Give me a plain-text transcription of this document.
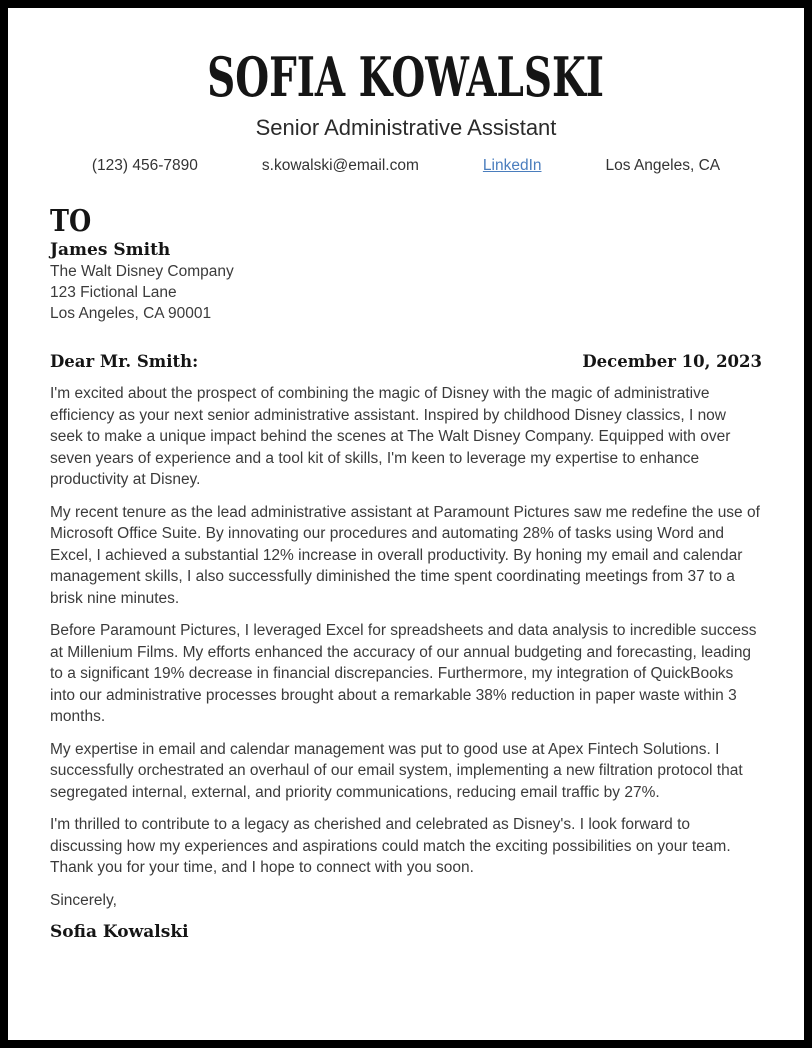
SOFIA KOWALSKI
Senior Administrative Assistant
(123) 456-7890	s.kowalski@email.com	LinkedIn	Los Angeles, CA
TO
James Smith
The Walt Disney Company
123 Fictional Lane
Los Angeles, CA 90001
Dear Mr. Smith:	December 10, 2023

I'm excited about the prospect of combining the magic of Disney with the magic of administrative efficiency as your next senior administrative assistant. Inspired by childhood Disney classics, I now seek to make a unique impact behind the scenes at The Walt Disney Company. Equipped with over seven years of experience and a tool kit of skills, I'm keen to leverage my expertise to enhance productivity at Disney.

My recent tenure as the lead administrative assistant at Paramount Pictures saw me redefine the use of Microsoft Office Suite. By innovating our procedures and automating 28% of tasks using Word and Excel, I achieved a substantial 12% increase in overall productivity. By honing my email and calendar management skills, I also successfully diminished the time spent coordinating meetings from 37 to a brisk nine minutes.

Before Paramount Pictures, I leveraged Excel for spreadsheets and data analysis to incredible success at Millenium Films. My efforts enhanced the accuracy of our annual budgeting and forecasting, leading to a significant 19% decrease in financial discrepancies. Furthermore, my integration of QuickBooks into our administrative processes brought about a remarkable 38% reduction in paper waste within 3 months.

My expertise in email and calendar management was put to good use at Apex Fintech Solutions. I successfully orchestrated an overhaul of our email system, implementing a new filtration protocol that segregated internal, external, and priority communications, reducing email traffic by 27%.

I'm thrilled to contribute to a legacy as cherished and celebrated as Disney's. I look forward to discussing how my experiences and aspirations could match the exciting possibilities on your team. Thank you for your time, and I hope to connect with you soon.

Sincerely,

Sofia Kowalski
